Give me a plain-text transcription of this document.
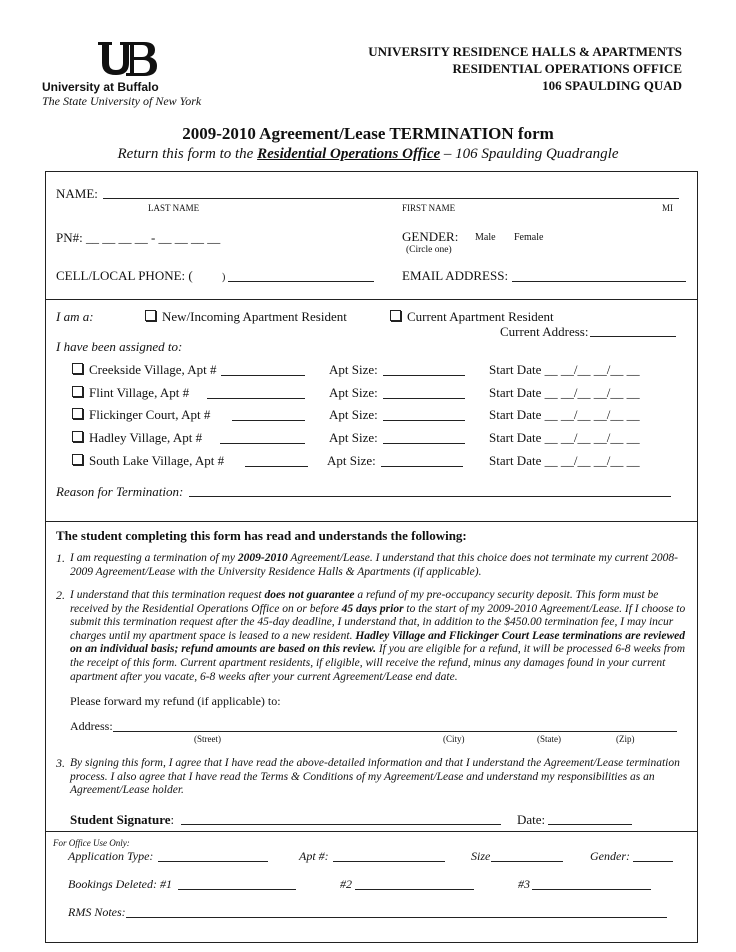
University at Buffalo
The State University of New York
UNIVERSITY RESIDENCE HALLS & APARTMENTS
RESIDENTIAL OPERATIONS OFFICE
106 SPAULDING QUAD
2009-2010 Agreement/Lease TERMINATION form
Return this form to the Residential Operations Office – 106 Spaulding Quadrangle
NAME:
LAST NAME	FIRST NAME	MI
PN#: __ __ __ __ - __ __ __ __	GENDER: Male Female
(Circle one)
CELL/LOCAL PHONE: (	)	EMAIL ADDRESS:
I am a:	New/Incoming Apartment Resident	Current Apartment Resident
Current Address:
I have been assigned to:
Creekside Village, Apt #	Apt Size:	Start Date __ __/__ __/__ __
Flint Village, Apt #	Apt Size:	Start Date __ __/__ __/__ __
Flickinger Court, Apt #	Apt Size:	Start Date __ __/__ __/__ __
Hadley Village, Apt #	Apt Size:	Start Date __ __/__ __/__ __
South Lake Village, Apt #	Apt Size:	Start Date __ __/__ __/__ __
Reason for Termination:
The student completing this form has read and understands the following:
1. I am requesting a termination of my 2009-2010 Agreement/Lease. I understand that this choice does not terminate my current 2008-2009 Agreement/Lease with the University Residence Halls & Apartments (if applicable).
2. I understand that this termination request does not guarantee a refund of my pre-occupancy security deposit. This form must be received by the Residential Operations Office on or before 45 days prior to the start of my 2009-2010 Agreement/Lease. If I choose to submit this termination request after the 45-day deadline, I understand that, in addition to the $450.00 termination fee, I may incur charges until my apartment space is leased to a new resident. Hadley Village and Flickinger Court Lease terminations are reviewed on an individual basis; refund amounts are based on this review. If you are eligible for a refund, it will be processed 6-8 weeks from the receipt of this form. Current apartment residents, if eligible, will receive the refund, minus any damages found in your current apartment after you vacate, 6-8 weeks after your current Agreement/Lease end date.
Please forward my refund (if applicable) to:
Address:
(Street)	(City)	(State)	(Zip)
3. By signing this form, I agree that I have read the above-detailed information and that I understand the Agreement/Lease termination process. I also agree that I have read the Terms & Conditions of my Agreement/Lease and understand my responsibilities as an Agreement/Lease holder.
Student Signature:	Date:
For Office Use Only:
Application Type:	Apt #:	Size	Gender:
Bookings Deleted: #1	#2	#3
RMS Notes:
